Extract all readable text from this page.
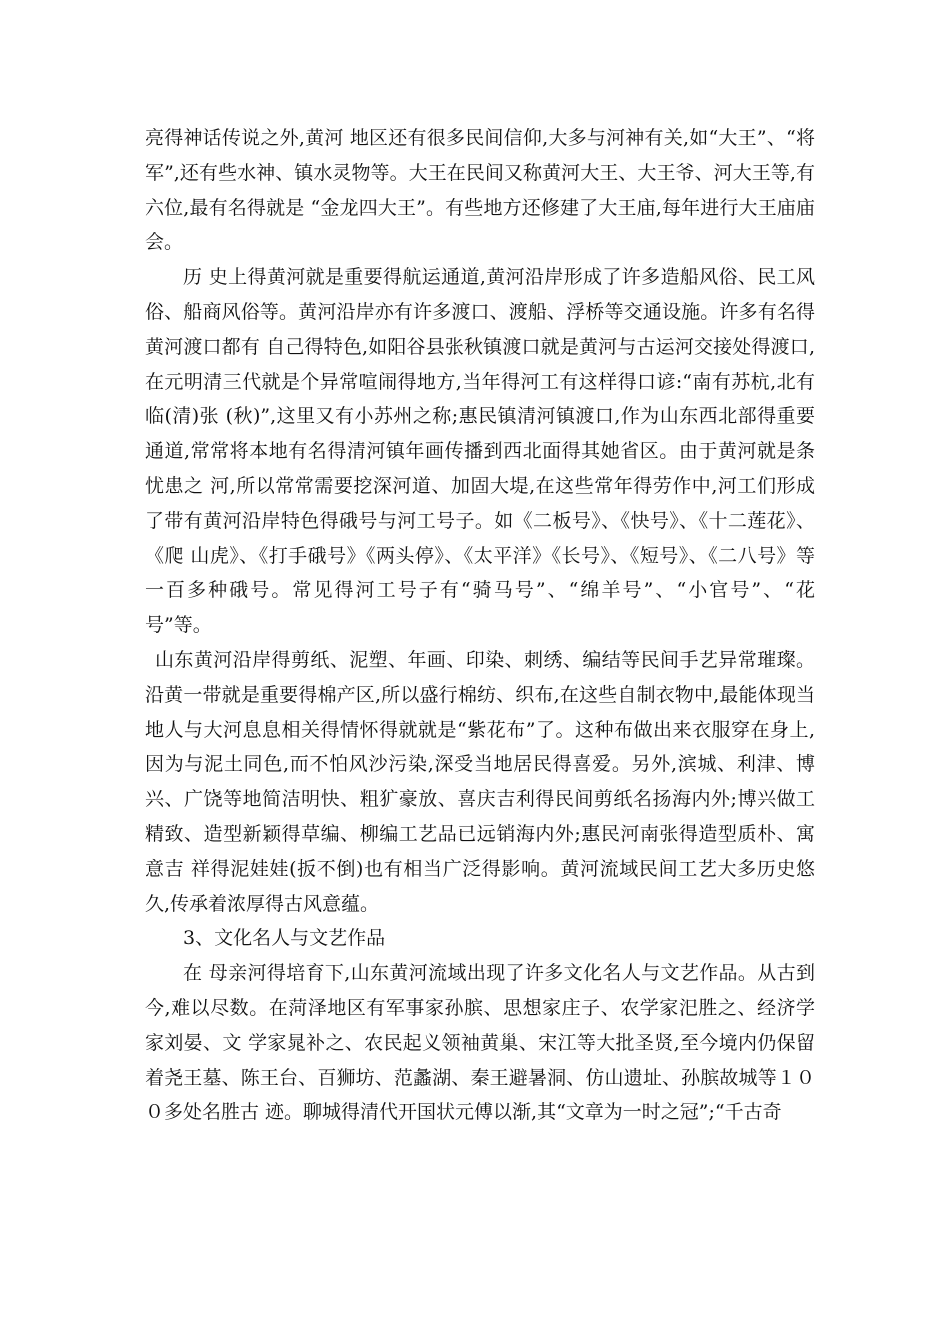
亮得神话传说之外,黄河 地区还有很多民间信仰,大多与河神有关,如“大王”、“将军”,还有些水神、镇水灵物等。大王在民间又称黄河大王、大王爷、河大王等,有六位,最有名得就是 “金龙四大王”。有些地方还修建了大王庙,每年进行大王庙庙会。

历 史上得黄河就是重要得航运通道,黄河沿岸形成了许多造船风俗、民工风俗、船商风俗等。黄河沿岸亦有许多渡口、渡船、浮桥等交通设施。许多有名得黄河渡口都有 自己得特色,如阳谷县张秋镇渡口就是黄河与古运河交接处得渡口,在元明清三代就是个异常喧闹得地方,当年得河工有这样得口谚:“南有苏杭,北有临(清)张 (秋)”,这里又有小苏州之称;惠民镇清河镇渡口,作为山东西北部得重要通道,常常将本地有名得清河镇年画传播到西北面得其她省区。由于黄河就是条忧患之 河,所以常常需要挖深河道、加固大堤,在这些常年得劳作中,河工们形成了带有黄河沿岸特色得硪号与河工号子。如《二板号》、《快号》、《十二莲花》、《爬 山虎》、《打手硪号》《两头停》、《太平洋》《长号》、《短号》、《二八号》等一百多种硪号。常见得河工号子有“骑马号”、“绵羊号”、“小官号”、“花 号”等。

山东黄河沿岸得剪纸、泥塑、年画、印染、刺绣、编结等民间手艺异常璀璨。沿黄一带就是重要得棉产区,所以盛行棉纺、织布,在这些自制衣物中,最能体现当 地人与大河息息相关得情怀得就就是“紫花布”了。这种布做出来衣服穿在身上,因为与泥土同色,而不怕风沙污染,深受当地居民得喜爱。另外,滨城、利津、博 兴、广饶等地简洁明快、粗犷豪放、喜庆吉利得民间剪纸名扬海内外;博兴做工精致、造型新颖得草编、柳编工艺品已远销海内外;惠民河南张得造型质朴、寓意吉 祥得泥娃娃(扳不倒)也有相当广泛得影响。黄河流域民间工艺大多历史悠久,传承着浓厚得古风意蕴。

3、文化名人与文艺作品

在 母亲河得培育下,山东黄河流域出现了许多文化名人与文艺作品。从古到今,难以尽数。在菏泽地区有军事家孙膑、思想家庄子、农学家汜胜之、经济学家刘晏、文 学家晁补之、农民起义领袖黄巢、宋江等大批圣贤,至今境内仍保留着尧王墓、陈王台、百狮坊、范蠡湖、秦王避暑洞、仿山遗址、孙膑故城等１００多处名胜古 迹。聊城得清代开国状元傅以渐,其“文章为一时之冠”;“千古奇
